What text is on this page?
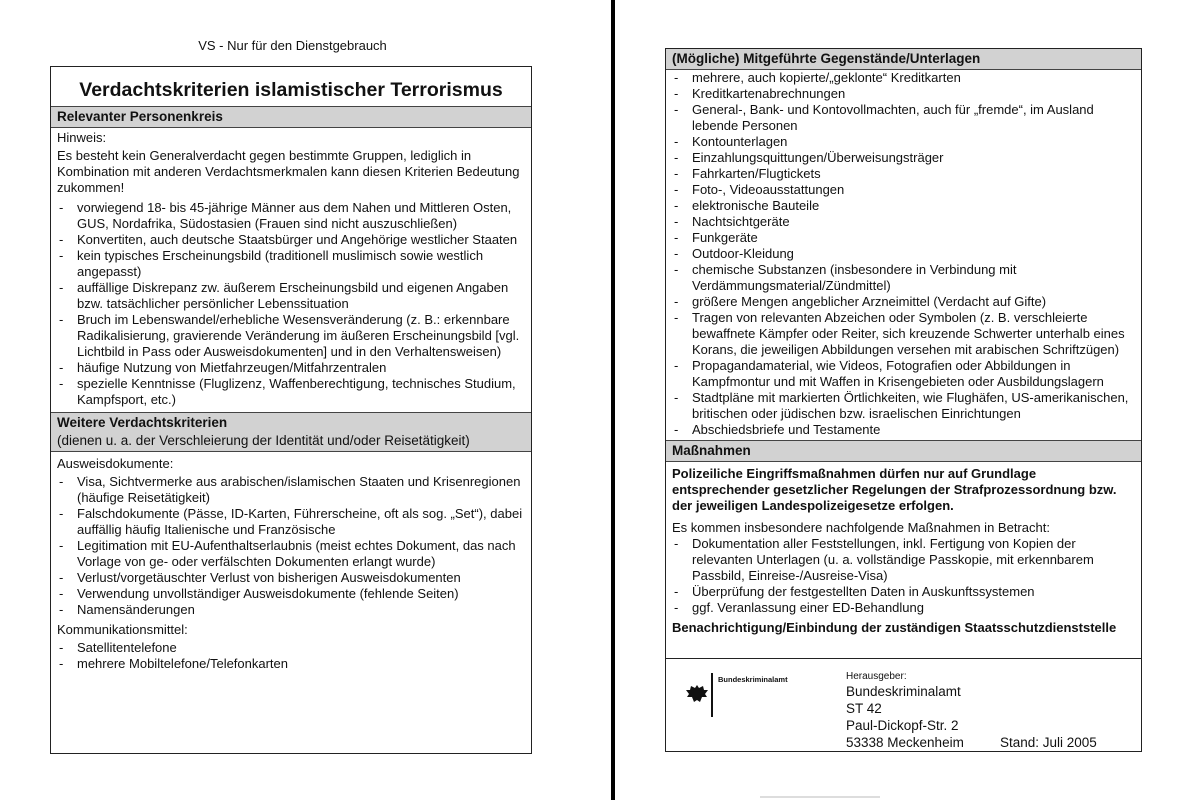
VS - Nur für den Dienstgebrauch
Verdachtskriterien islamistischer Terrorismus
Relevanter Personenkreis
Hinweis:
Es besteht kein Generalverdacht gegen bestimmte Gruppen, lediglich in Kombination mit anderen Verdachtsmerkmalen kann diesen Kriterien Bedeutung zukommen!
- vorwiegend 18- bis 45-jährige Männer aus dem Nahen und Mittleren Osten, GUS, Nordafrika, Südostasien (Frauen sind nicht auszuschließen)
- Konvertiten, auch deutsche Staatsbürger und Angehörige westlicher Staaten
- kein typisches Erscheinungsbild (traditionell muslimisch sowie westlich angepasst)
- auffällige Diskrepanz zw. äußerem Erscheinungsbild und eigenen Angaben bzw. tatsächlicher persönlicher Lebenssituation
- Bruch im Lebenswandel/erhebliche Wesensveränderung (z. B.: erkennbare Radikalisierung, gravierende Veränderung im äußeren Erscheinungsbild [vgl. Lichtbild in Pass oder Ausweisdokumenten] und in den Verhaltensweisen)
- häufige Nutzung von Mietfahrzeugen/Mitfahrzentralen
- spezielle Kenntnisse (Fluglizenz, Waffenberechtigung, technisches Studium, Kampfsport, etc.)
Weitere Verdachtskriterien
(dienen u. a. der Verschleierung der Identität und/oder Reisetätigkeit)
Ausweisdokumente:
- Visa, Sichtvermerke aus arabischen/islamischen Staaten und Krisenregionen (häufige Reisetätigkeit)
- Falschdokumente (Pässe, ID-Karten, Führerscheine, oft als sog. „Set“), dabei auffällig häufig Italienische und Französische
- Legitimation mit EU-Aufenthaltserlaubnis (meist echtes Dokument, das nach Vorlage von ge- oder verfälschten Dokumenten erlangt wurde)
- Verlust/vorgetäuschter Verlust von bisherigen Ausweisdokumenten
- Verwendung unvollständiger Ausweisdokumente (fehlende Seiten)
- Namensänderungen
Kommunikationsmittel:
- Satellitentelefone
- mehrere Mobiltelefone/Telefonkarten
(Mögliche) Mitgeführte Gegenstände/Unterlagen
- mehrere, auch kopierte/„geklonte“ Kreditkarten
- Kreditkartenabrechnungen
- General-, Bank- und Kontovollmachten, auch für „fremde“, im Ausland lebende Personen
- Kontounterlagen
- Einzahlungsquittungen/Überweisungsträger
- Fahrkarten/Flugtickets
- Foto-, Videoausstattungen
- elektronische Bauteile
- Nachtsichtgeräte
- Funkgeräte
- Outdoor-Kleidung
- chemische Substanzen (insbesondere in Verbindung mit Verdämmungsmaterial/Zündmittel)
- größere Mengen angeblicher Arzneimittel (Verdacht auf Gifte)
- Tragen von relevanten Abzeichen oder Symbolen (z. B. verschleierte bewaffnete Kämpfer oder Reiter, sich kreuzende Schwerter unterhalb eines Korans, die jeweiligen Abbildungen versehen mit arabischen Schriftzügen)
- Propagandamaterial, wie Videos, Fotografien oder Abbildungen in Kampfmontur und mit Waffen in Krisengebieten oder Ausbildungslagern
- Stadtpläne mit markierten Örtlichkeiten, wie Flughäfen, US-amerikanischen, britischen oder jüdischen bzw. israelischen Einrichtungen
- Abschiedsbriefe und Testamente
Maßnahmen
Polizeiliche Eingriffsmaßnahmen dürfen nur auf Grundlage entsprechender gesetzlicher Regelungen der Strafprozessordnung bzw. der jeweiligen Landespolizeigesetze erfolgen.
Es kommen insbesondere nachfolgende Maßnahmen in Betracht:
- Dokumentation aller Feststellungen, inkl. Fertigung von Kopien der relevanten Unterlagen (u. a. vollständige Passkopie, mit erkennbarem Passbild, Einreise-/Ausreise-Visa)
- Überprüfung der festgestellten Daten in Auskunftssystemen
- ggf. Veranlassung einer ED-Behandlung
Benachrichtigung/Einbindung der zuständigen Staatsschutzdienststelle
Bundeskriminalamt	Herausgeber:
Bundeskriminalamt
ST 42
Paul-Dickopf-Str. 2
53338 Meckenheim	Stand: Juli 2005
